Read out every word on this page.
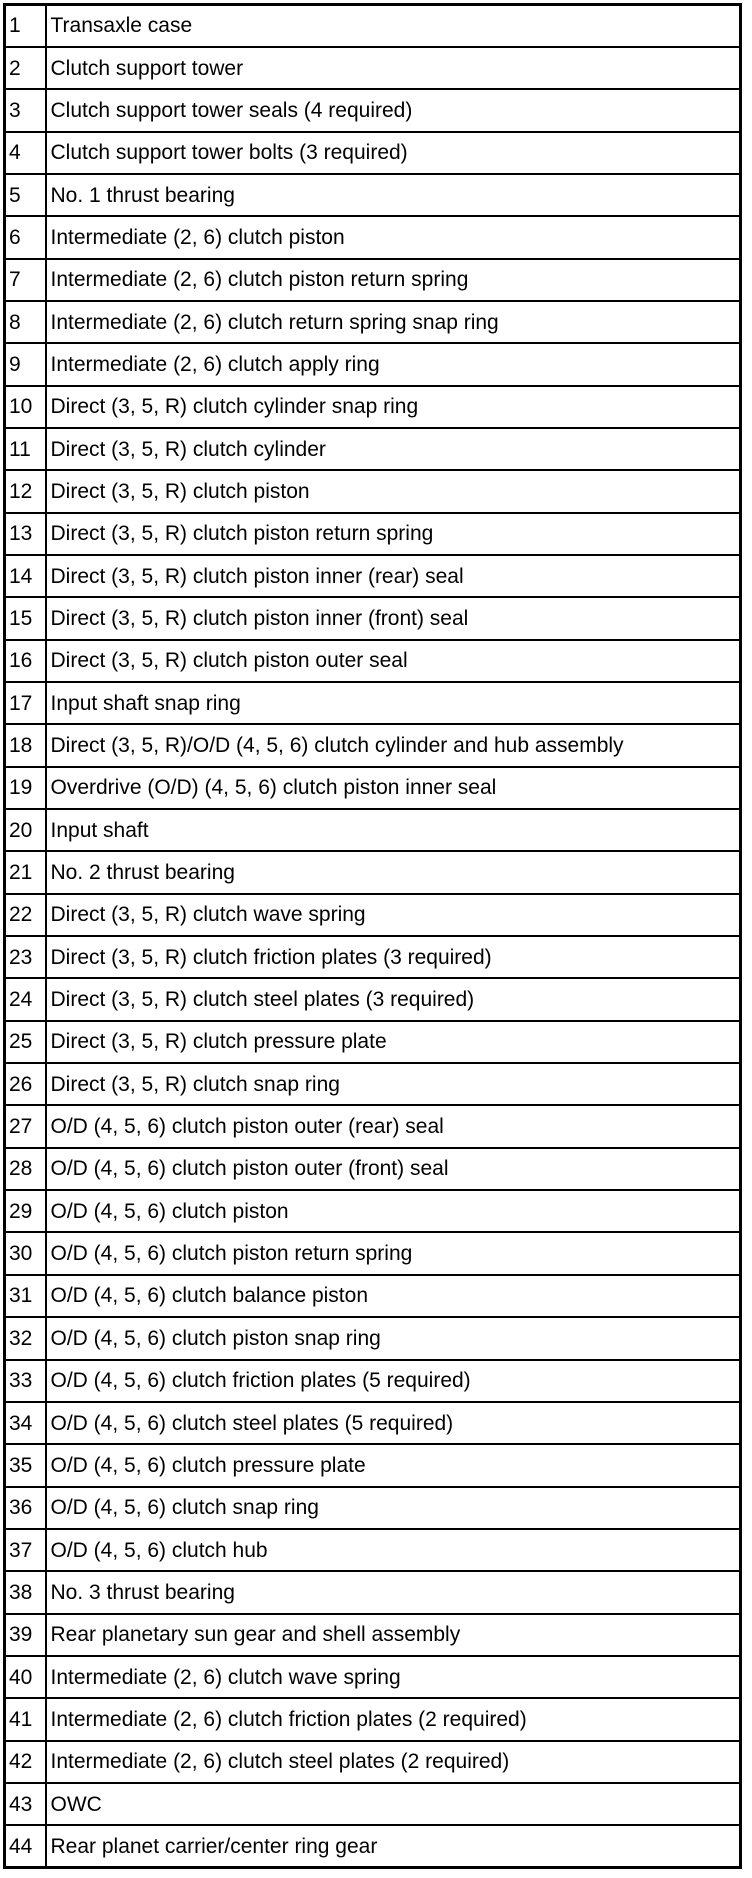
1	Transaxle case
2	Clutch support tower
3	Clutch support tower seals (4 required)
4	Clutch support tower bolts (3 required)
5	No. 1 thrust bearing
6	Intermediate (2, 6) clutch piston
7	Intermediate (2, 6) clutch piston return spring
8	Intermediate (2, 6) clutch return spring snap ring
9	Intermediate (2, 6) clutch apply ring
10	Direct (3, 5, R) clutch cylinder snap ring
11	Direct (3, 5, R) clutch cylinder
12	Direct (3, 5, R) clutch piston
13	Direct (3, 5, R) clutch piston return spring
14	Direct (3, 5, R) clutch piston inner (rear) seal
15	Direct (3, 5, R) clutch piston inner (front) seal
16	Direct (3, 5, R) clutch piston outer seal
17	Input shaft snap ring
18	Direct (3, 5, R)/O/D (4, 5, 6) clutch cylinder and hub assembly
19	Overdrive (O/D) (4, 5, 6) clutch piston inner seal
20	Input shaft
21	No. 2 thrust bearing
22	Direct (3, 5, R) clutch wave spring
23	Direct (3, 5, R) clutch friction plates (3 required)
24	Direct (3, 5, R) clutch steel plates (3 required)
25	Direct (3, 5, R) clutch pressure plate
26	Direct (3, 5, R) clutch snap ring
27	O/D (4, 5, 6) clutch piston outer (rear) seal
28	O/D (4, 5, 6) clutch piston outer (front) seal
29	O/D (4, 5, 6) clutch piston
30	O/D (4, 5, 6) clutch piston return spring
31	O/D (4, 5, 6) clutch balance piston
32	O/D (4, 5, 6) clutch piston snap ring
33	O/D (4, 5, 6) clutch friction plates (5 required)
34	O/D (4, 5, 6) clutch steel plates (5 required)
35	O/D (4, 5, 6) clutch pressure plate
36	O/D (4, 5, 6) clutch snap ring
37	O/D (4, 5, 6) clutch hub
38	No. 3 thrust bearing
39	Rear planetary sun gear and shell assembly
40	Intermediate (2, 6) clutch wave spring
41	Intermediate (2, 6) clutch friction plates (2 required)
42	Intermediate (2, 6) clutch steel plates (2 required)
43	OWC
44	Rear planet carrier/center ring gear
